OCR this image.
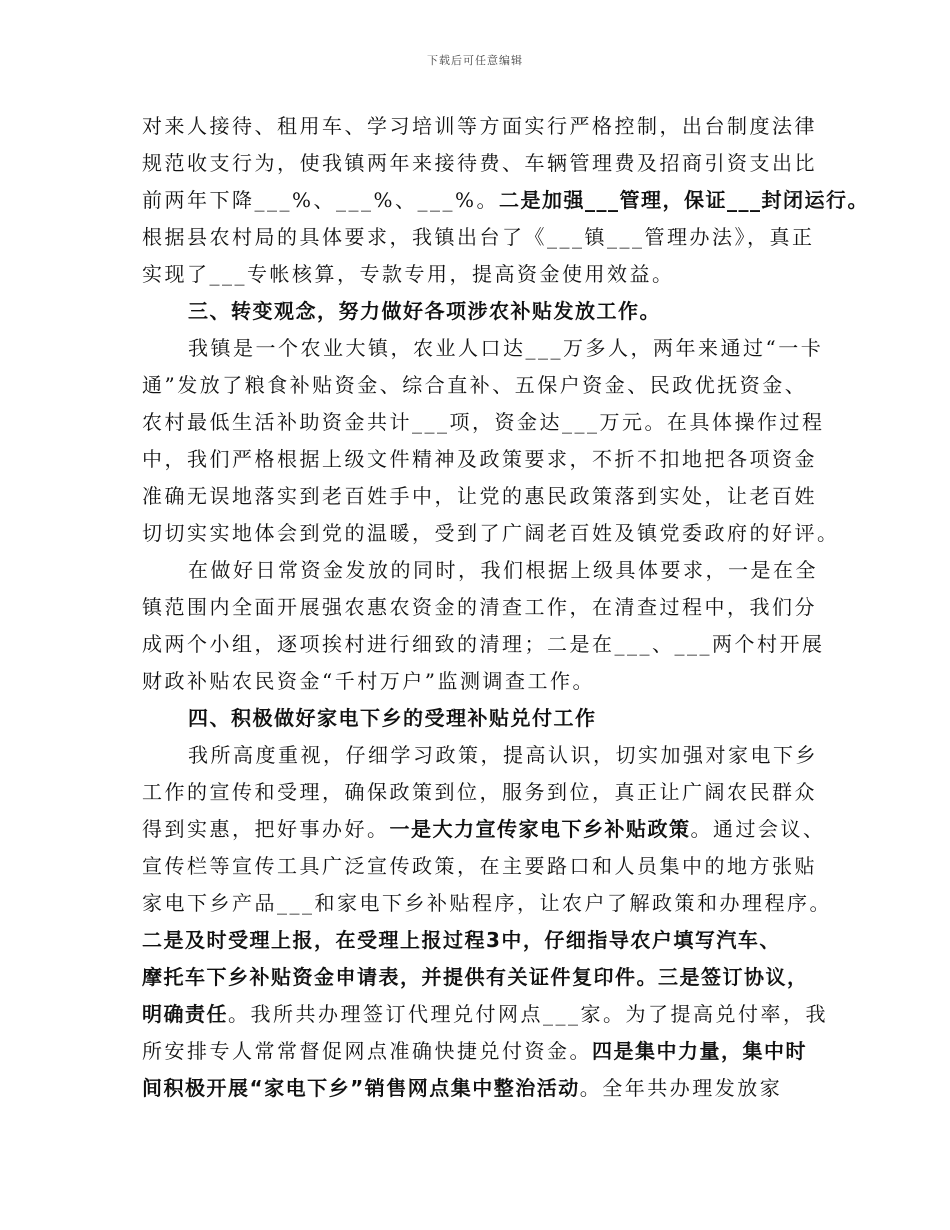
下载后可任意编辑
对来人接待、租用车、学习培训等方面实行严格控制，出台制度法律
规范收支行为，使我镇两年来接待费、车辆管理费及招商引资支出比
前两年下降___%、___%、___%。二是加强___管理，保证___封闭运行。
根据县农村局的具体要求，我镇出台了《___镇___管理办法》，真正
实现了___专帐核算，专款专用，提高资金使用效益。
三、转变观念，努力做好各项涉农补贴发放工作。
我镇是一个农业大镇，农业人口达___万多人，两年来通过“一卡
通”发放了粮食补贴资金、综合直补、五保户资金、民政优抚资金、
农村最低生活补助资金共计___项，资金达___万元。在具体操作过程
中，我们严格根据上级文件精神及政策要求，不折不扣地把各项资金
准确无误地落实到老百姓手中，让党的惠民政策落到实处，让老百姓
切切实实地体会到党的温暖，受到了广阔老百姓及镇党委政府的好评。
在做好日常资金发放的同时，我们根据上级具体要求，一是在全
镇范围内全面开展强农惠农资金的清查工作，在清查过程中，我们分
成两个小组，逐项挨村进行细致的清理；二是在___、___两个村开展
财政补贴农民资金“千村万户”监测调查工作。
四、积极做好家电下乡的受理补贴兑付工作
我所高度重视，仔细学习政策，提高认识，切实加强对家电下乡
工作的宣传和受理，确保政策到位，服务到位，真正让广阔农民群众
得到实惠，把好事办好。一是大力宣传家电下乡补贴政策。通过会议、
宣传栏等宣传工具广泛宣传政策，在主要路口和人员集中的地方张贴
家电下乡产品___和家电下乡补贴程序，让农户了解政策和办理程序。
二是及时受理上报，在受理上报过程3中，仔细指导农户填写汽车、
摩托车下乡补贴资金申请表，并提供有关证件复印件。三是签订协议，
明确责任。我所共办理签订代理兑付网点___家。为了提高兑付率，我
所安排专人常常督促网点准确快捷兑付资金。四是集中力量，集中时
间积极开展“家电下乡”销售网点集中整治活动。全年共办理发放家
